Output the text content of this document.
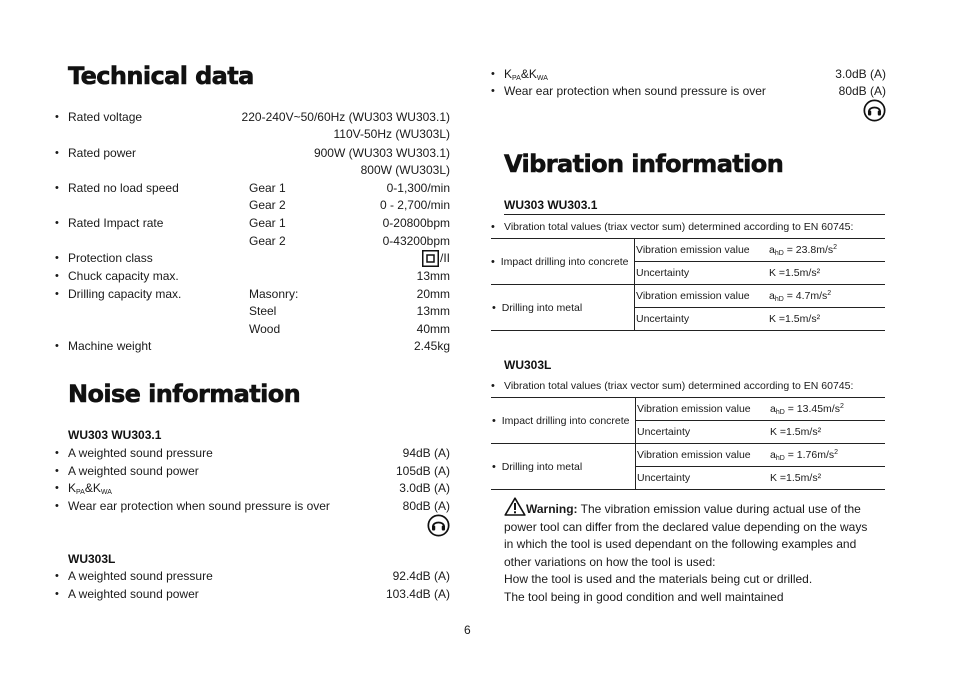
Technical data
• Rated voltage	220-240V~50/60Hz (WU303 WU303.1)
110V-50Hz (WU303L)
• Rated power	900W (WU303 WU303.1)
800W (WU303L)
• Rated no load speed	Gear 1	0-1,300/min
Gear 2	0 - 2,700/min
• Rated Impact rate	Gear 1	0-20800bpm
Gear 2	0-43200bpm
• Protection class	/II
• Chuck capacity max.	13mm
• Drilling capacity max.	Masonry:	20mm
Steel	13mm
Wood	40mm
• Machine weight	2.45kg
Noise information
WU303 WU303.1
• A weighted sound pressure	94dB (A)
• A weighted sound power	105dB (A)
• $K_{PA}\&K_{WA}$	3.0dB (A)
• Wear ear protection when sound pressure is over	80dB (A)
WU303L
• A weighted sound pressure	92.4dB (A)
• A weighted sound power	103.4dB (A)
• $K_{PA}\&K_{WA}$	3.0dB (A)
• Wear ear protection when sound pressure is over	80dB (A)
Vibration information
WU303 WU303.1
• Vibration total values (triax vector sum) determined according to EN 60745:
• Impact drilling into concrete	Vibration emission value	$a_{hD} = 23.8m/s^2$
	Uncertainty	K =1.5m/s²
• Drilling into metal	Vibration emission value	$a_{hD} = 4.7m/s^2$
	Uncertainty	K =1.5m/s²
WU303L
• Vibration total values (triax vector sum) determined according to EN 60745:
• Impact drilling into concrete	Vibration emission value	$a_{hD} = 13.45m/s^2$
	Uncertainty	K =1.5m/s²
• Drilling into metal	Vibration emission value	$a_{hD} = 1.76m/s^2$
	Uncertainty	K =1.5m/s²
Warning: The vibration emission value during actual use of the
power tool can differ from the declared value depending on the ways
in which the tool is used dependant on the following examples and
other variations on how the tool is used:
How the tool is used and the materials being cut or drilled.
The tool being in good condition and well maintained
6
